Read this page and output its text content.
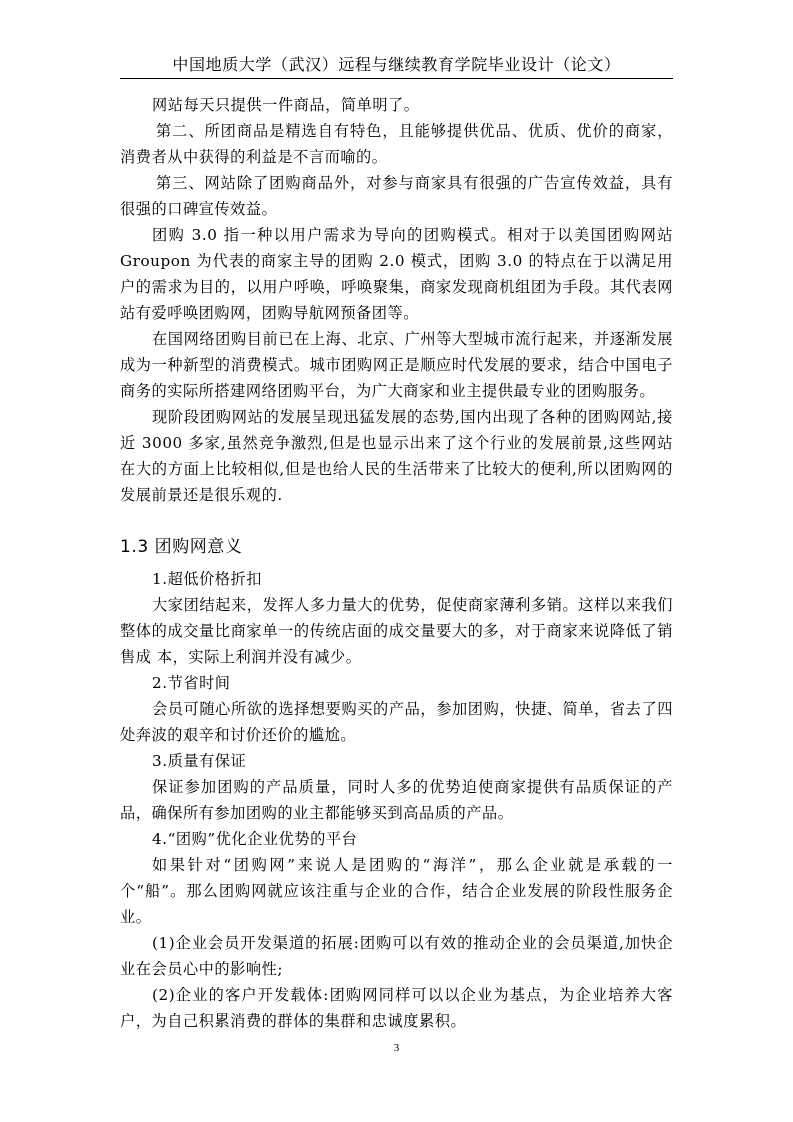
中国地质大学（武汉）远程与继续教育学院毕业设计（论文）

网站每天只提供一件商品，简单明了。

第二、所团商品是精选自有特色，且能够提供优品、优质、优价的商家，消费者从中获得的利益是不言而喻的。

第三、网站除了团购商品外，对参与商家具有很强的广告宣传效益，具有很强的口碑宣传效益。

团购 3.0 指一种以用户需求为导向的团购模式。相对于以美国团购网站 Groupon 为代表的商家主导的团购 2.0 模式，团购 3.0 的特点在于以满足用户的需求为目的，以用户呼唤，呼唤聚集，商家发现商机组团为手段。其代表网站有爱呼唤团购网，团购导航网预备团等。

在国网络团购目前已在上海、北京、广州等大型城市流行起来，并逐渐发展成为一种新型的消费模式。城市团购网正是顺应时代发展的要求，结合中国电子商务的实际所搭建网络团购平台，为广大商家和业主提供最专业的团购服务。

现阶段团购网站的发展呈现迅猛发展的态势,国内出现了各种的团购网站,接近 3000 多家,虽然竞争激烈,但是也显示出来了这个行业的发展前景,这些网站在大的方面上比较相似,但是也给人民的生活带来了比较大的便利,所以团购网的发展前景还是很乐观的.

1.3 团购网意义

1.超低价格折扣

大家团结起来，发挥人多力量大的优势，促使商家薄利多销。这样以来我们整体的成交量比商家单一的传统店面的成交量要大的多，对于商家来说降低了销售成 本，实际上利润并没有减少。

2.节省时间

会员可随心所欲的选择想要购买的产品，参加团购，快捷、简单，省去了四处奔波的艰辛和讨价还价的尴尬。

3.质量有保证

保证参加团购的产品质量，同时人多的优势迫使商家提供有品质保证的产品，确保所有参加团购的业主都能够买到高品质的产品。

4.“团购”优化企业优势的平台

如果针对“团购网”来说人是团购的“海洋”，那么企业就是承载的一个“船”。那么团购网就应该注重与企业的合作，结合企业发展的阶段性服务企业。

(1)企业会员开发渠道的拓展:团购可以有效的推动企业的会员渠道,加快企业在会员心中的影响性;

(2)企业的客户开发载体:团购网同样可以以企业为基点，为企业培养大客户，为自己积累消费的群体的集群和忠诚度累积。

3
